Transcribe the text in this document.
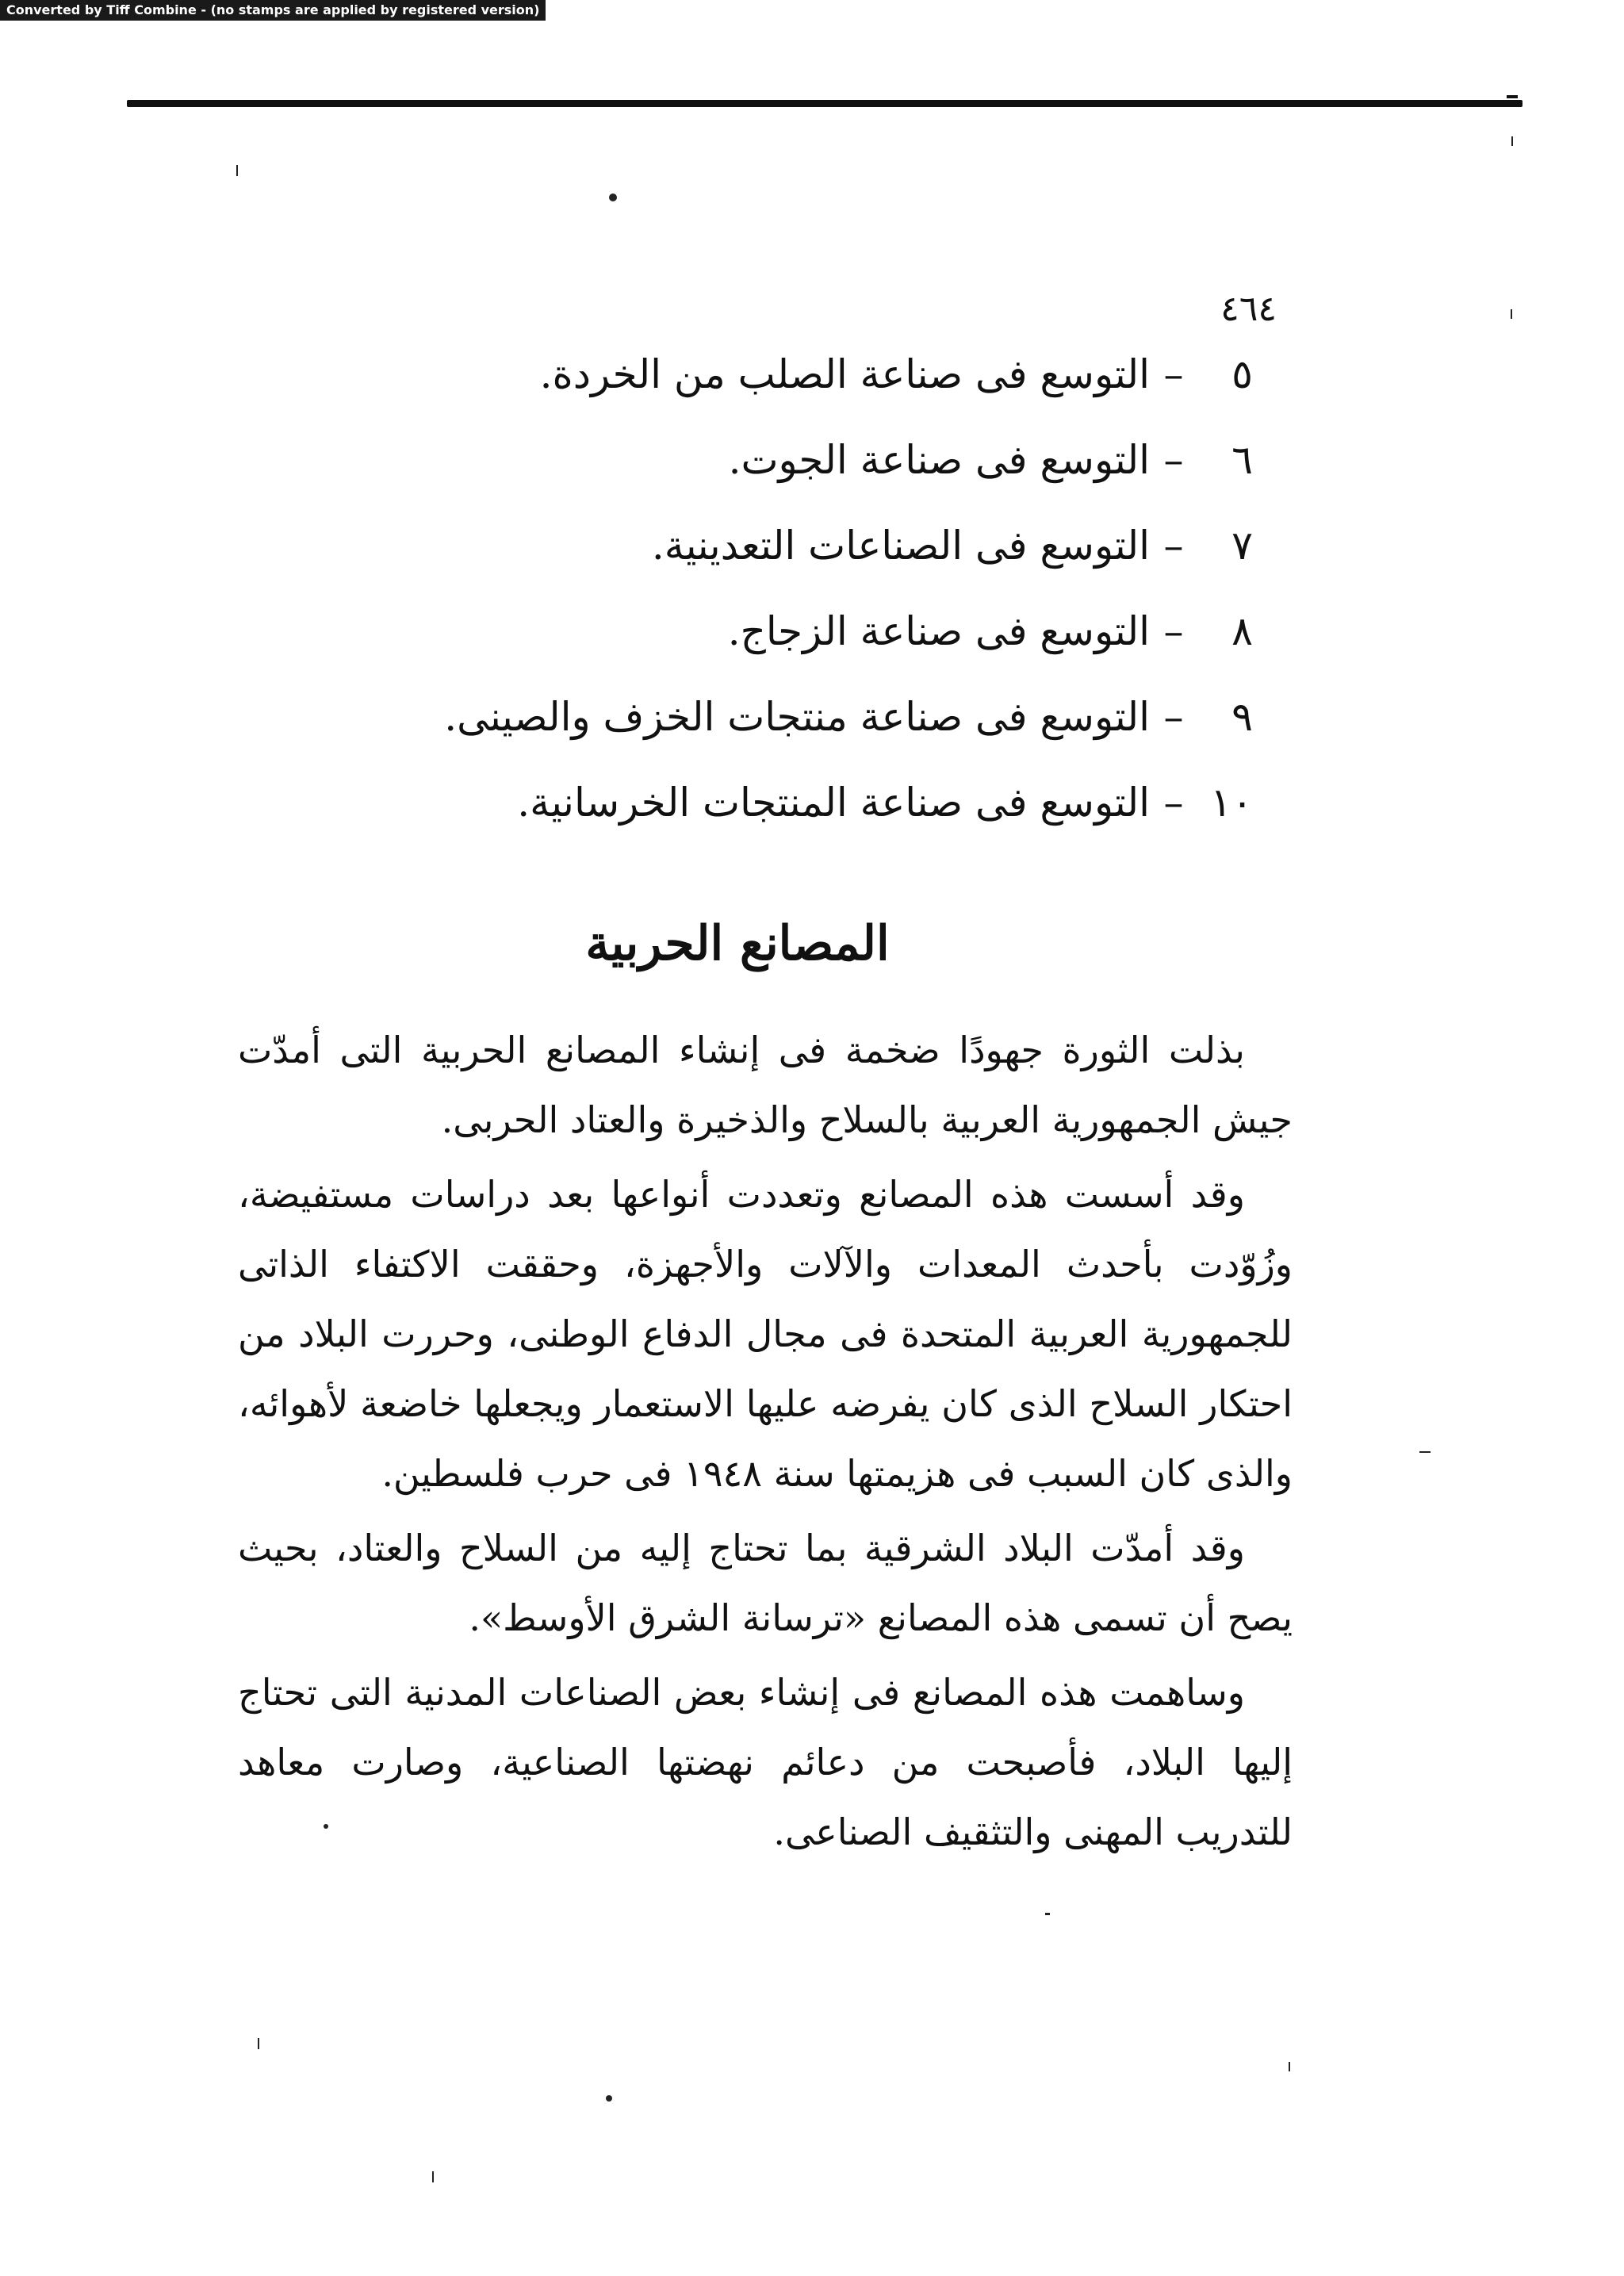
Converted by Tiff Combine - (no stamps are applied by registered version)
٤٦٤
٥–التوسع فى صناعة الصلب من الخردة.
٦–التوسع فى صناعة الجوت.
٧–التوسع فى الصناعات التعدينية.
٨–التوسع فى صناعة الزجاج.
٩–التوسع فى صناعة منتجات الخزف والصينى.
١٠–التوسع فى صناعة المنتجات الخرسانية.
المصانع الحربية
بذلت الثورة جهودًا ضخمة فى إنشاء المصانع الحربية التى أمدّت جيش الجمهورية العربية بالسلاح والذخيرة والعتاد الحربى.
وقد أسست هذه المصانع وتعددت أنواعها بعد دراسات مستفيضة، وزُوّدت بأحدث المعدات والآلات والأجهزة، وحققت الاكتفاء الذاتى للجمهورية العربية المتحدة فى مجال الدفاع الوطنى، وحررت البلاد من احتكار السلاح الذى كان يفرضه عليها الاستعمار ويجعلها خاضعة لأهوائه، والذى كان السبب فى هزيمتها سنة ١٩٤٨ فى حرب فلسطين.
وقد أمدّت البلاد الشرقية بما تحتاج إليه من السلاح والعتاد، بحيث يصح أن تسمى هذه المصانع «ترسانة الشرق الأوسط».
وساهمت هذه المصانع فى إنشاء بعض الصناعات المدنية التى تحتاج إليها البلاد، فأصبحت من دعائم نهضتها الصناعية، وصارت معاهد للتدريب المهنى والتثقيف الصناعى.
